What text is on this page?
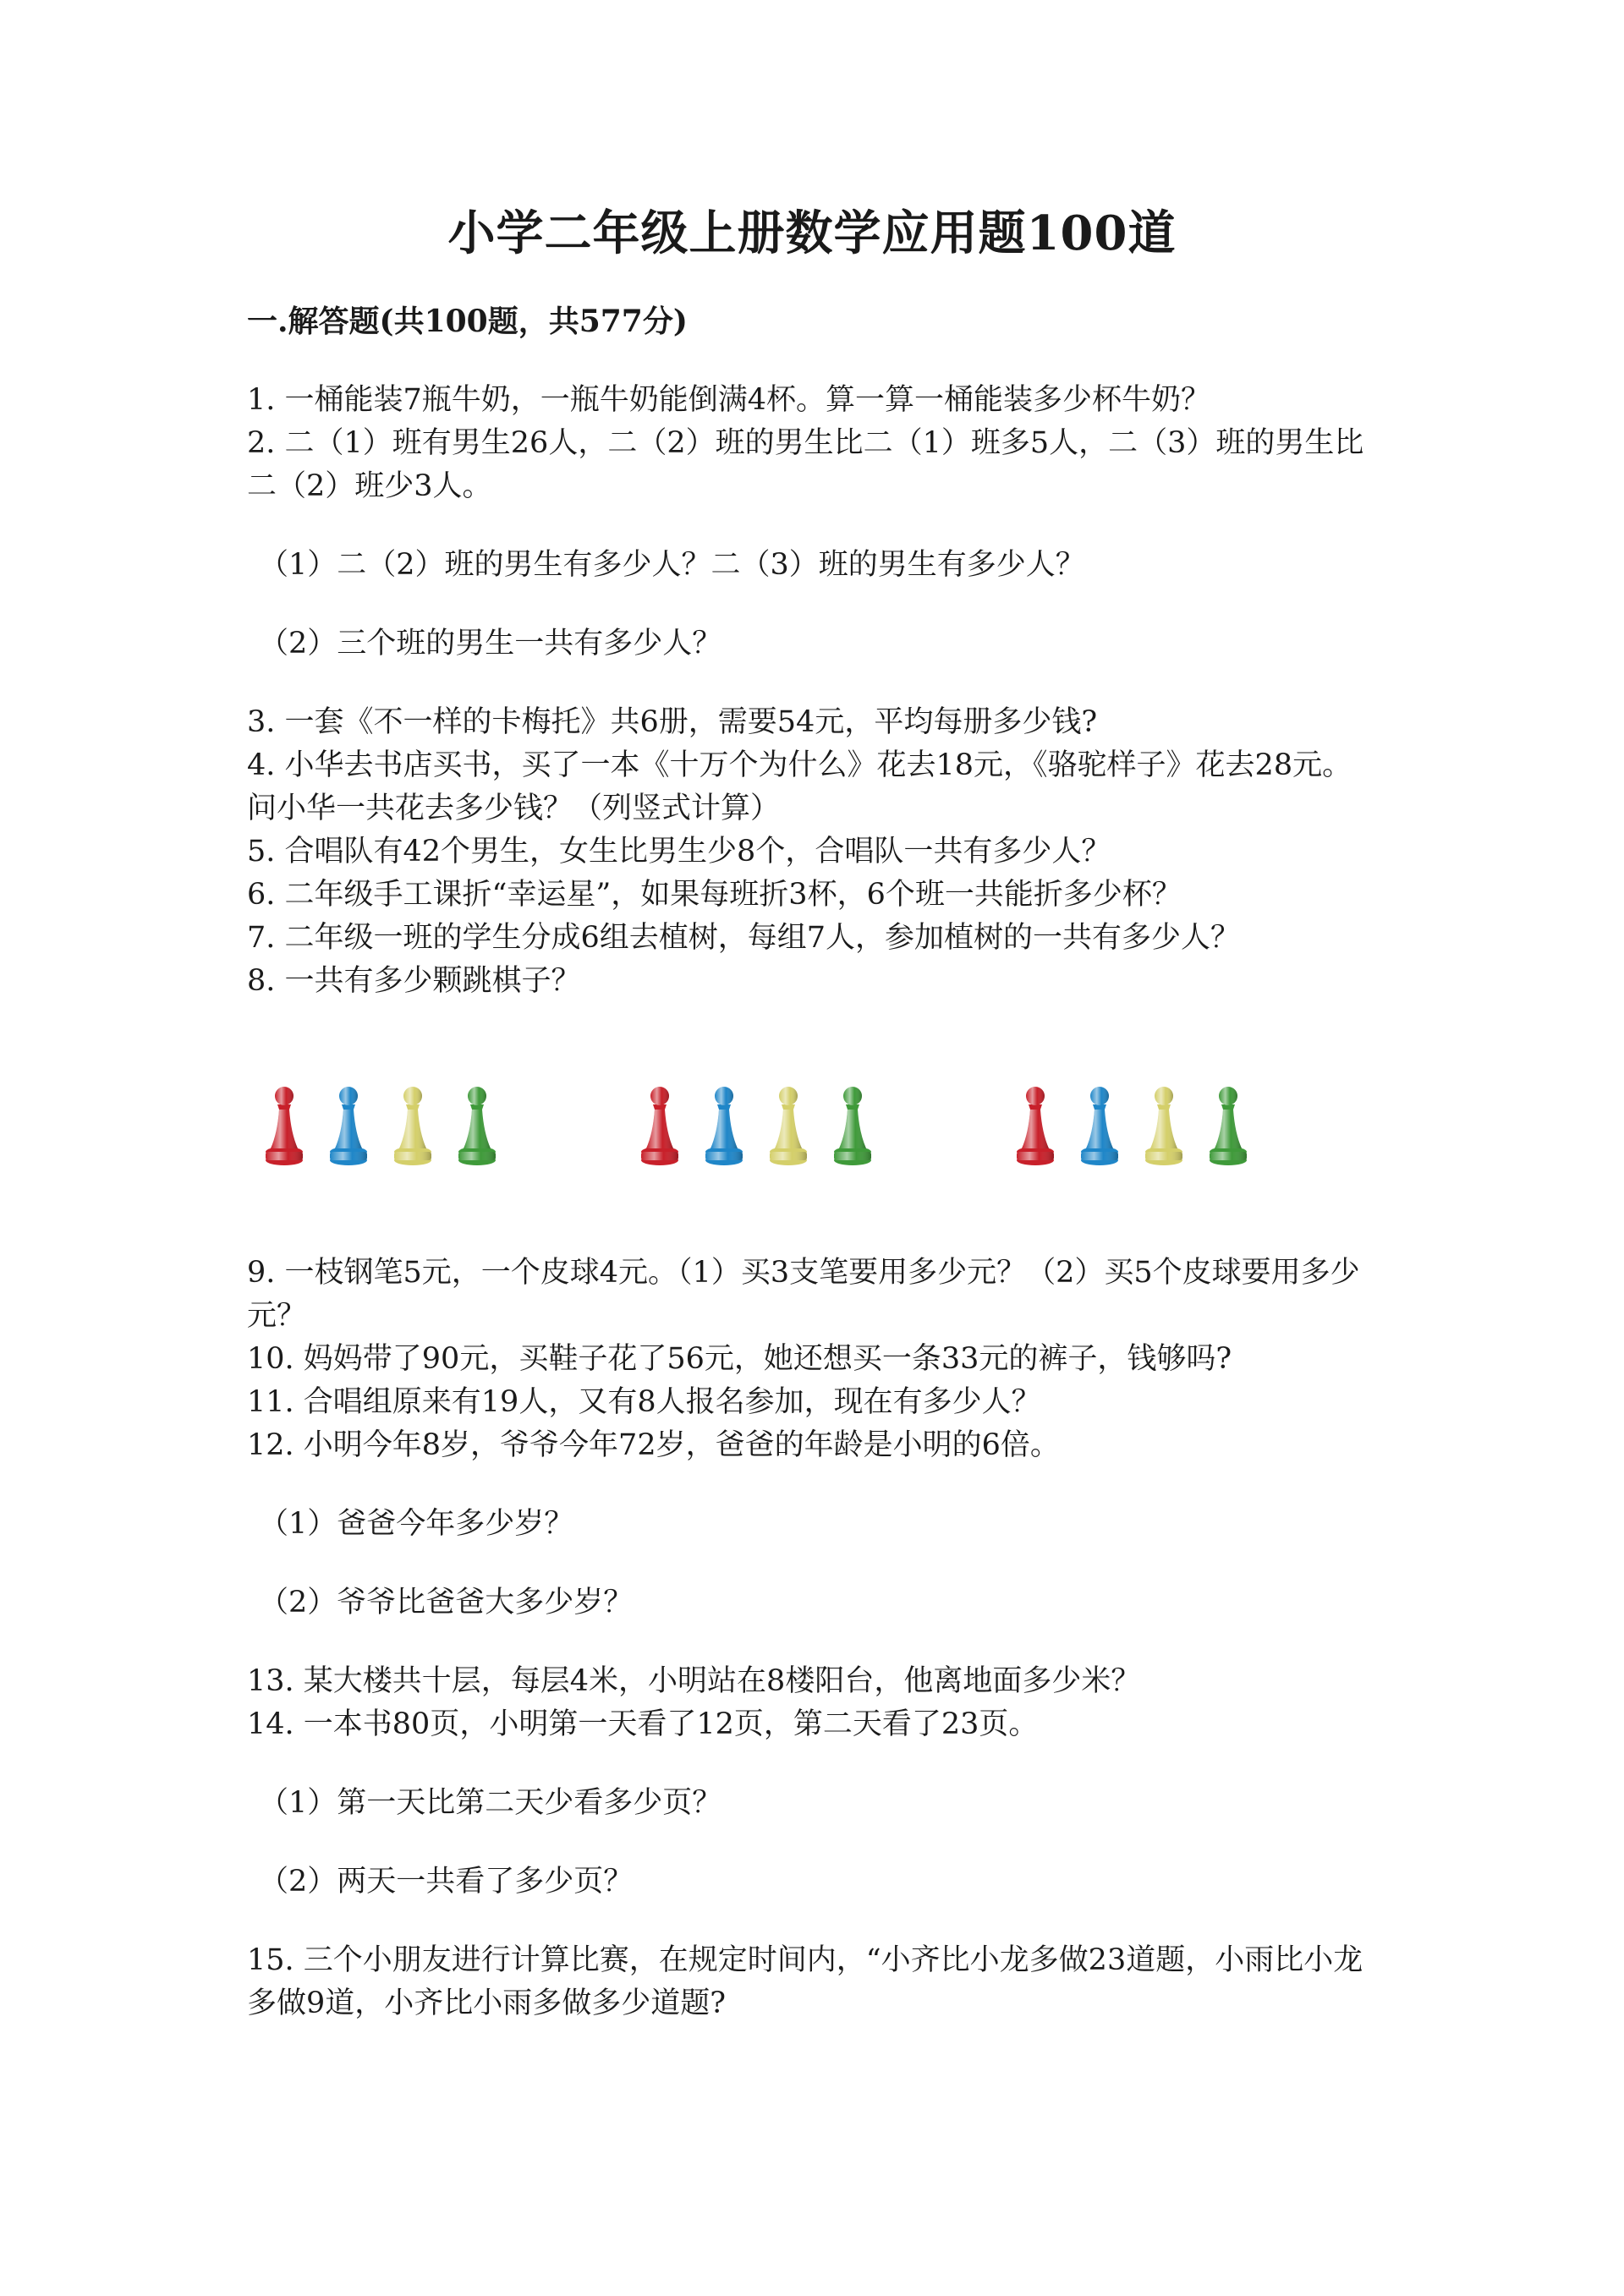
小学二年级上册数学应用题100道
一.解答题(共100题，共577分)

1. 一桶能装7瓶牛奶，一瓶牛奶能倒满4杯。算一算一桶能装多少杯牛奶？

2. 二（1）班有男生26人，二（2）班的男生比二（1）班多5人，二（3）班的男生比二（2）班少3人。

（1）二（2）班的男生有多少人？二（3）班的男生有多少人？

（2）三个班的男生一共有多少人？

3. 一套《不一样的卡梅托》共6册，需要54元，平均每册多少钱?

4. 小华去书店买书，买了一本《十万个为什么》花去18元，《骆驼样子》花去28元。问小华一共花去多少钱？（列竖式计算）

5. 合唱队有42个男生，女生比男生少8个，合唱队一共有多少人？

6. 二年级手工课折“幸运星”，如果每班折3杯，6个班一共能折多少杯？

7. 二年级一班的学生分成6组去植树，每组7人，参加植树的一共有多少人？

8. 一共有多少颗跳棋子？

9. 一枝钢笔5元，一个皮球4元。（1）买3支笔要用多少元？（2）买5个皮球要用多少元？

10. 妈妈带了90元，买鞋子花了56元，她还想买一条33元的裤子，钱够吗?

11. 合唱组原来有19人，又有8人报名参加，现在有多少人？

12. 小明今年8岁，爷爷今年72岁，爸爸的年龄是小明的6倍。

（1）爸爸今年多少岁？

（2）爷爷比爸爸大多少岁？

13. 某大楼共十层，每层4米，小明站在8楼阳台，他离地面多少米？

14. 一本书80页，小明第一天看了12页，第二天看了23页。

（1）第一天比第二天少看多少页？

（2）两天一共看了多少页？

15. 三个小朋友进行计算比赛，在规定时间内，“小齐比小龙多做23道题，小雨比小龙多做9道，小齐比小雨多做多少道题?
